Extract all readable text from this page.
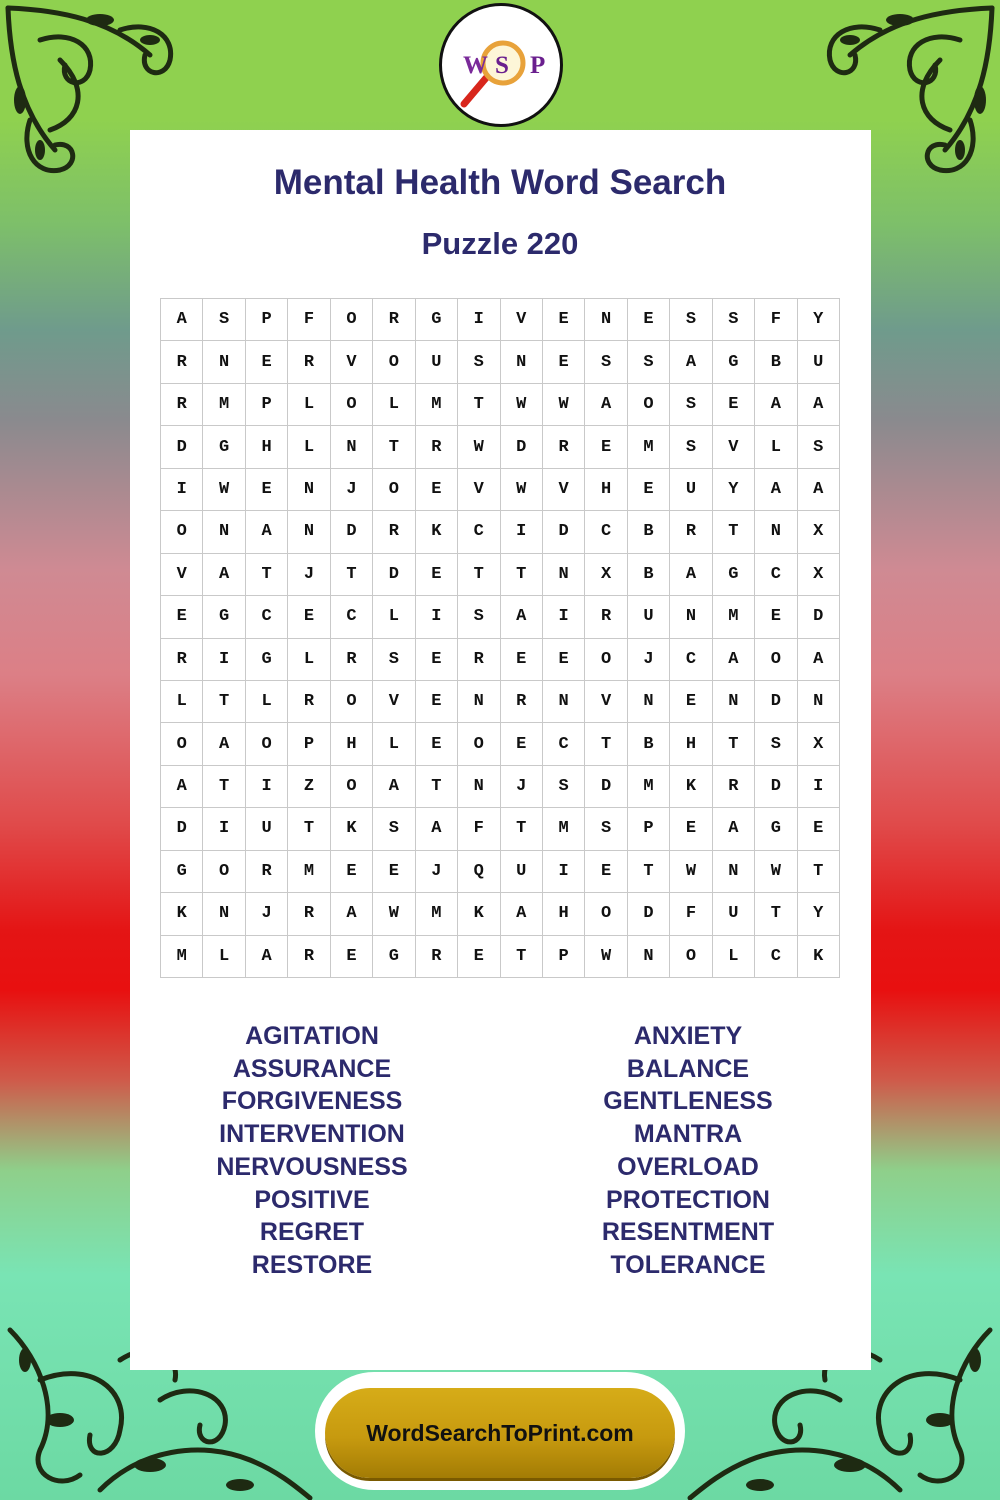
W S P
Mental Health Word Search
Puzzle 220
A	S	P	F	O	R	G	I	V	E	N	E	S	S	F	Y
R	N	E	R	V	O	U	S	N	E	S	S	A	G	B	U
R	M	P	L	O	L	M	T	W	W	A	O	S	E	A	A
D	G	H	L	N	T	R	W	D	R	E	M	S	V	L	S
I	W	E	N	J	O	E	V	W	V	H	E	U	Y	A	A
O	N	A	N	D	R	K	C	I	D	C	B	R	T	N	X
V	A	T	J	T	D	E	T	T	N	X	B	A	G	C	X
E	G	C	E	C	L	I	S	A	I	R	U	N	M	E	D
R	I	G	L	R	S	E	R	E	E	O	J	C	A	O	A
L	T	L	R	O	V	E	N	R	N	V	N	E	N	D	N
O	A	O	P	H	L	E	O	E	C	T	B	H	T	S	X
A	T	I	Z	O	A	T	N	J	S	D	M	K	R	D	I
D	I	U	T	K	S	A	F	T	M	S	P	E	A	G	E
G	O	R	M	E	E	J	Q	U	I	E	T	W	N	W	T
K	N	J	R	A	W	M	K	A	H	O	D	F	U	T	Y
M	L	A	R	E	G	R	E	T	P	W	N	O	L	C	K
AGITATION
ASSURANCE
FORGIVENESS
INTERVENTION
NERVOUSNESS
POSITIVE
REGRET
RESTORE
ANXIETY
BALANCE
GENTLENESS
MANTRA
OVERLOAD
PROTECTION
RESENTMENT
TOLERANCE
WordSearchToPrint.com
